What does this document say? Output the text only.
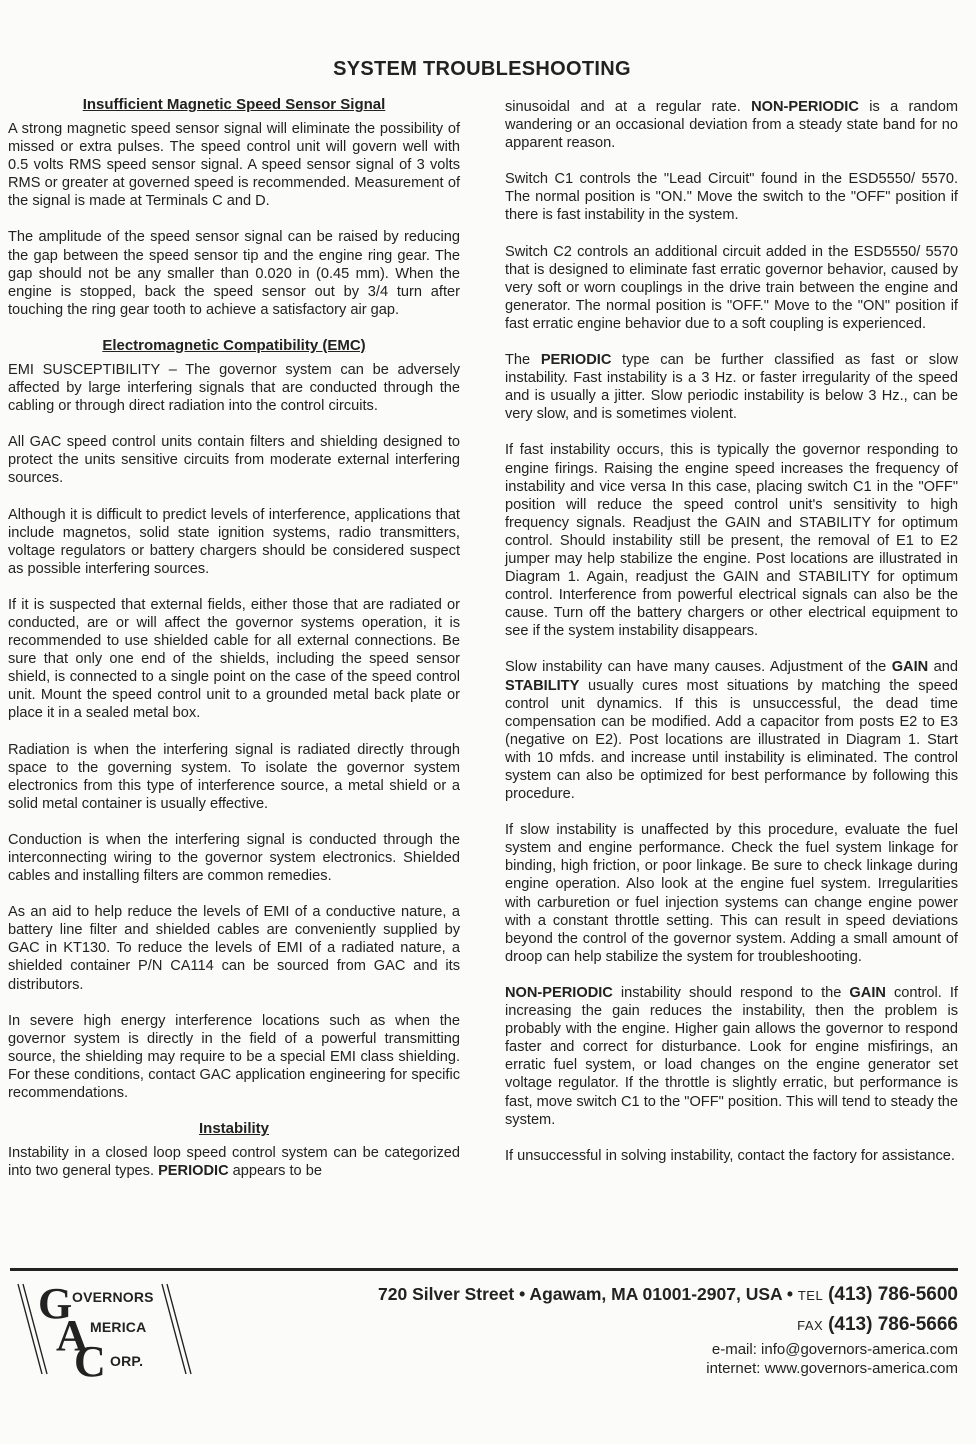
SYSTEM TROUBLESHOOTING
Insufficient Magnetic Speed Sensor Signal

A strong magnetic speed sensor signal will eliminate the possibility of missed or extra pulses. The speed control unit will govern well with 0.5 volts RMS speed sensor signal. A speed sensor signal of 3 volts RMS or greater at governed speed is recommended. Measurement of the signal is made at Terminals C and D.

The amplitude of the speed sensor signal can be raised by reducing the gap between the speed sensor tip and the engine ring gear. The gap should not be any smaller than 0.020 in (0.45 mm). When the engine is stopped, back the speed sensor out by 3/4 turn after touching the ring gear tooth to achieve a satisfactory air gap.

Electromagnetic Compatibility (EMC)

EMI SUSCEPTIBILITY – The governor system can be adversely affected by large interfering signals that are conducted through the cabling or through direct radiation into the control circuits.

All GAC speed control units contain filters and shielding designed to protect the units sensitive circuits from moderate external interfering sources.

Although it is difficult to predict levels of interference, applications that include magnetos, solid state ignition systems, radio transmitters, voltage regulators or battery chargers should be considered suspect as possible interfering sources.

If it is suspected that external fields, either those that are radiated or conducted, are or will affect the governor systems operation, it is recommended to use shielded cable for all external connections. Be sure that only one end of the shields, including the speed sensor shield, is connected to a single point on the case of the speed control unit. Mount the speed control unit to a grounded metal back plate or place it in a sealed metal box.

Radiation is when the interfering signal is radiated directly through space to the governing system. To isolate the governor system electronics from this type of interference source, a metal shield or a solid metal container is usually effective.

Conduction is when the interfering signal is conducted through the interconnecting wiring to the governor system electronics. Shielded cables and installing filters are common remedies.

As an aid to help reduce the levels of EMI of a conductive nature, a battery line filter and shielded cables are conveniently supplied by GAC in KT130. To reduce the levels of EMI of a radiated nature, a shielded container P/N CA114 can be sourced from GAC and its distributors.

In severe high energy interference locations such as when the governor system is directly in the field of a powerful transmitting source, the shielding may require to be a special EMI class shielding. For these conditions, contact GAC application engineering for specific recommendations.

Instability

Instability in a closed loop speed control system can be categorized into two general types. PERIODIC appears to be

sinusoidal and at a regular rate. NON-PERIODIC is a random wandering or an occasional deviation from a steady state band for no apparent reason.

Switch C1 controls the "Lead Circuit" found in the ESD5550/ 5570. The normal position is "ON." Move the switch to the "OFF" position if there is fast instability in the system.

Switch C2 controls an additional circuit added in the ESD5550/ 5570 that is designed to eliminate fast erratic governor behavior, caused by very soft or worn couplings in the drive train between the engine and generator. The normal position is "OFF." Move to the "ON" position if fast erratic engine behavior due to a soft coupling is experienced.

The PERIODIC type can be further classified as fast or slow instability. Fast instability is a 3 Hz. or faster irregularity of the speed and is usually a jitter. Slow periodic instability is below 3 Hz., can be very slow, and is sometimes violent.

If fast instability occurs, this is typically the governor responding to engine firings. Raising the engine speed increases the frequency of instability and vice versa In this case, placing switch C1 in the "OFF" position will reduce the speed control unit's sensitivity to high frequency signals. Readjust the GAIN and STABILITY for optimum control. Should instability still be present, the removal of E1 to E2 jumper may help stabilize the engine. Post locations are illustrated in Diagram 1. Again, readjust the GAIN and STABILITY for optimum control. Interference from powerful electrical signals can also be the cause. Turn off the battery chargers or other electrical equipment to see if the system instability disappears.

Slow instability can have many causes. Adjustment of the GAIN and STABILITY usually cures most situations by matching the speed control unit dynamics. If this is unsuccessful, the dead time compensation can be modified. Add a capacitor from posts E2 to E3 (negative on E2). Post locations are illustrated in Diagram 1. Start with 10 mfds. and increase until instability is eliminated. The control system can also be optimized for best performance by following this procedure.

If slow instability is unaffected by this procedure, evaluate the fuel system and engine performance. Check the fuel system linkage for binding, high friction, or poor linkage. Be sure to check linkage during engine operation. Also look at the engine fuel system. Irregularities with carburetion or fuel injection systems can change engine power with a constant throttle setting. This can result in speed deviations beyond the control of the governor system. Adding a small amount of droop can help stabilize the system for troubleshooting.

NON-PERIODIC instability should respond to the GAIN control. If increasing the gain reduces the instability, then the problem is probably with the engine. Higher gain allows the governor to respond faster and correct for disturbance. Look for engine misfirings, an erratic fuel system, or load changes on the engine generator set voltage regulator. If the throttle is slightly erratic, but performance is fast, move switch C1 to the "OFF" position. This will tend to steady the system.

If unsuccessful in solving instability, contact the factory for assistance.

G
A
C
OVERNORS
MERICA
ORP.
720 Silver Street • Agawam, MA 01001-2907, USA • TEL (413) 786-5600
FAX (413) 786-5666
e-mail: info@governors-america.com
internet: www.governors-america.com
